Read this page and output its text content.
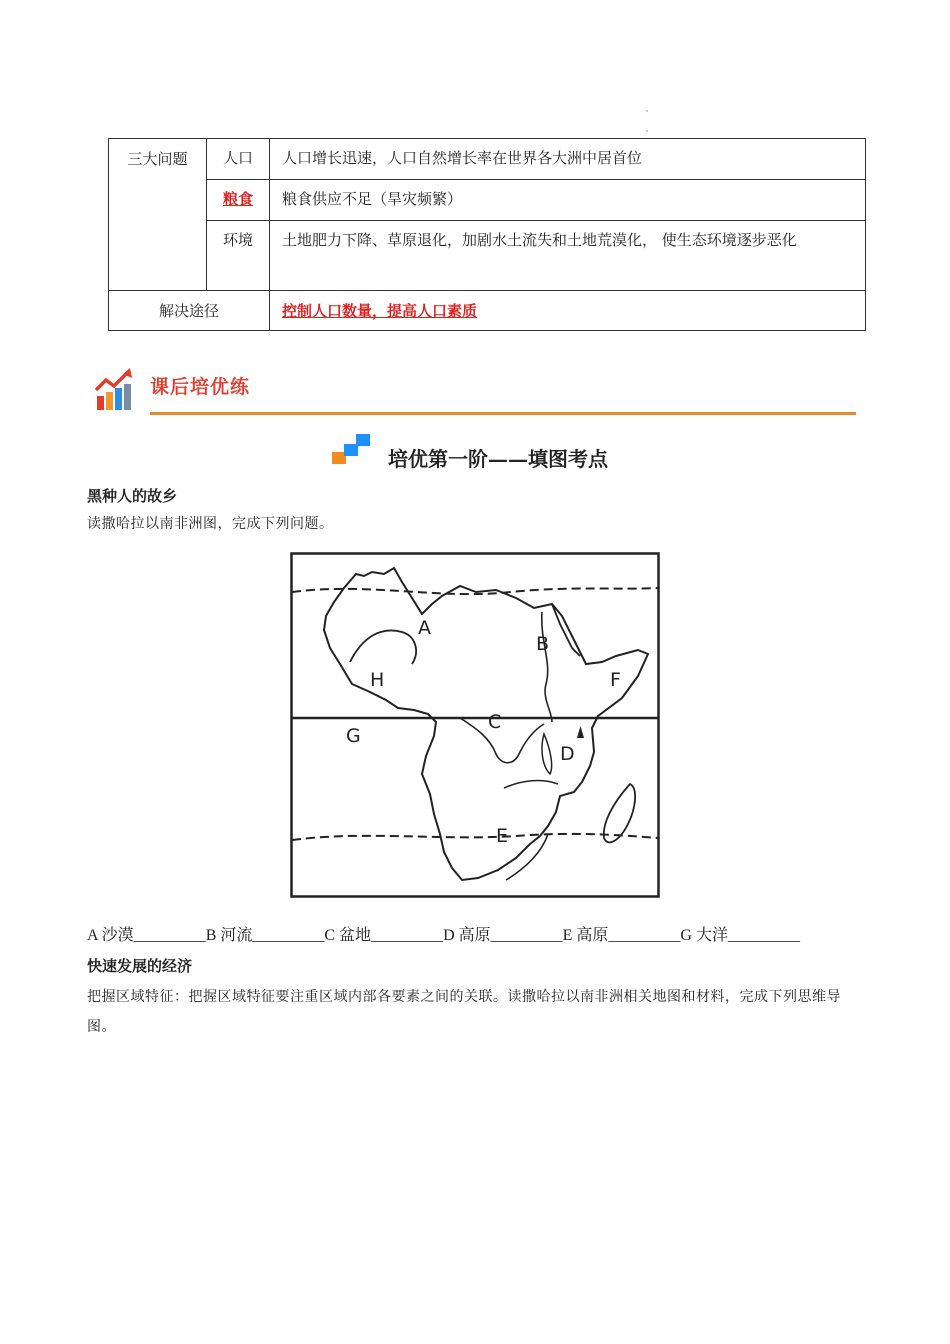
三大问题	人口	人口增长迅速，人口自然增长率在世界各大洲中居首位
	粮食	粮食供应不足（旱灾频繁）
	环境	土地肥力下降、草原退化，加剧水土流失和土地荒漠化， 使生态环境逐步恶化
解决途径		控制人口数量，提高人口素质
课后培优练
培优第一阶——填图考点
黑种人的故乡
读撒哈拉以南非洲图，完成下列问题。
A
B
C
D
E
F
G
H
A 沙漠_________B 河流_________C 盆地_________D 高原_________E 高原_________G 大洋_________
快速发展的经济
把握区域特征：把握区域特征要注重区域内部各要素之间的关联。读撒哈拉以南非洲相关地图和材料，完成下列思维导图。
